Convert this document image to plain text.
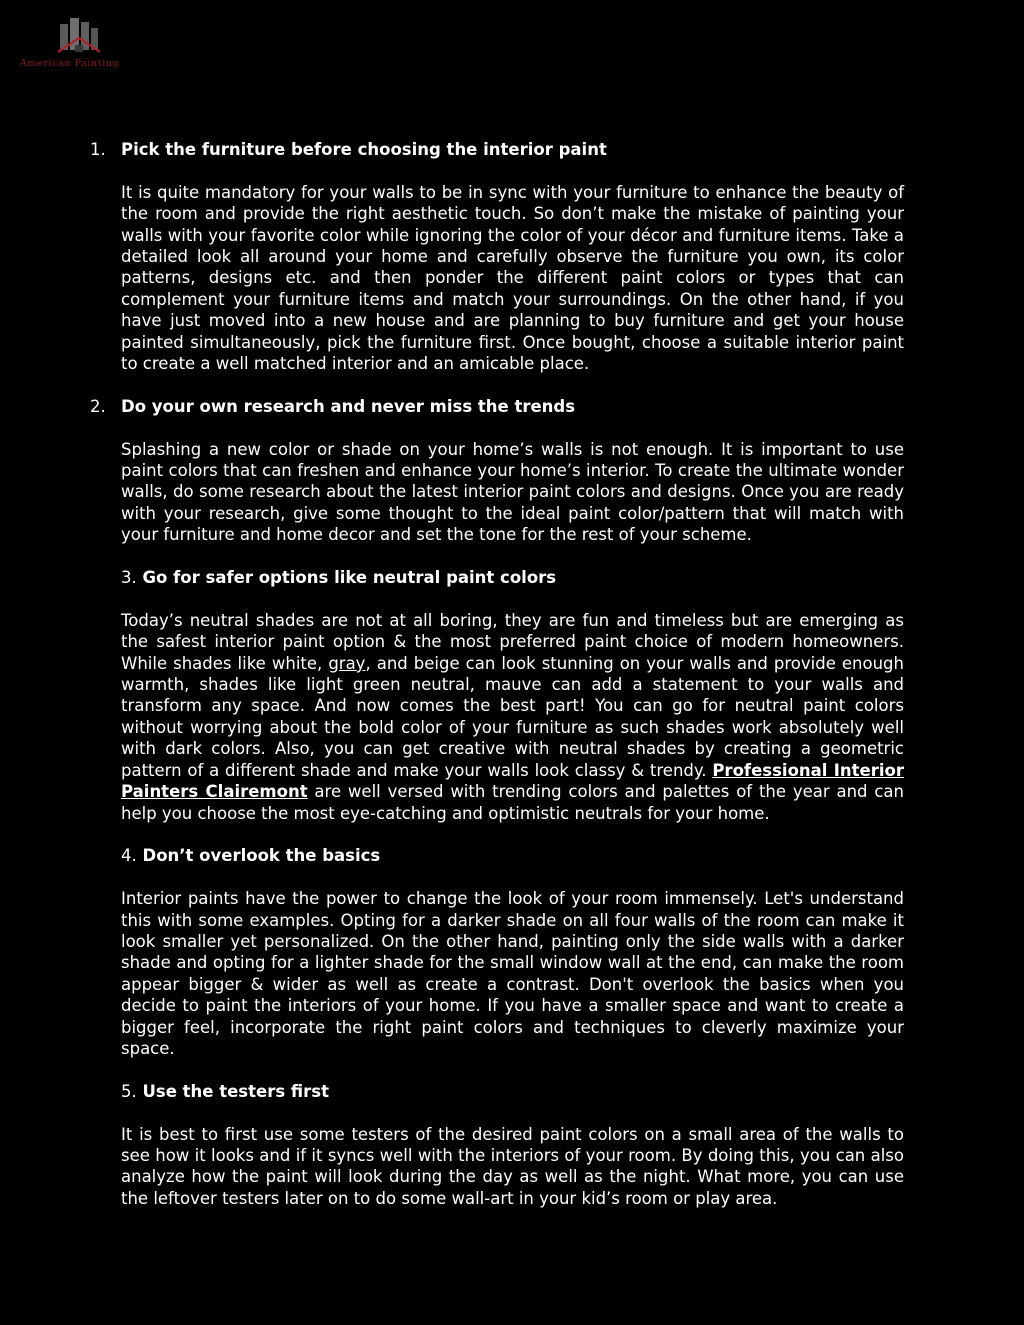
American Painting

1. Pick the furniture before choosing the interior paint

It is quite mandatory for your walls to be in sync with your furniture to enhance the beauty of the room and provide the right aesthetic touch. So don’t make the mistake of painting your walls with your favorite color while ignoring the color of your décor and furniture items. Take a detailed look all around your home and carefully observe the furniture you own, its color patterns, designs etc. and then ponder the different paint colors or types that can complement your furniture items and match your surroundings. On the other hand, if you have just moved into a new house and are planning to buy furniture and get your house painted simultaneously, pick the furniture first. Once bought, choose a suitable interior paint to create a well matched interior and an amicable place.

2. Do your own research and never miss the trends

Splashing a new color or shade on your home’s walls is not enough. It is important to use paint colors that can freshen and enhance your home’s interior. To create the ultimate wonder walls, do some research about the latest interior paint colors and designs. Once you are ready with your research, give some thought to the ideal paint color/pattern that will match with your furniture and home decor and set the tone for the rest of your scheme.

3. Go for safer options like neutral paint colors

Today’s neutral shades are not at all boring, they are fun and timeless but are emerging as the safest interior paint option & the most preferred paint choice of modern homeowners. While shades like white, gray, and beige can look stunning on your walls and provide enough warmth, shades like light green neutral, mauve can add a statement to your walls and transform any space. And now comes the best part! You can go for neutral paint colors without worrying about the bold color of your furniture as such shades work absolutely well with dark colors. Also, you can get creative with neutral shades by creating a geometric pattern of a different shade and make your walls look classy & trendy. Professional Interior Painters Clairemont are well versed with trending colors and palettes of the year and can help you choose the most eye-catching and optimistic neutrals for your home.

4. Don’t overlook the basics

Interior paints have the power to change the look of your room immensely. Let's understand this with some examples. Opting for a darker shade on all four walls of the room can make it look smaller yet personalized. On the other hand, painting only the side walls with a darker shade and opting for a lighter shade for the small window wall at the end, can make the room appear bigger & wider as well as create a contrast. Don't overlook the basics when you decide to paint the interiors of your home. If you have a smaller space and want to create a bigger feel, incorporate the right paint colors and techniques to cleverly maximize your space.

5. Use the testers first

It is best to first use some testers of the desired paint colors on a small area of the walls to see how it looks and if it syncs well with the interiors of your room. By doing this, you can also analyze how the paint will look during the day as well as the night. What more, you can use the leftover testers later on to do some wall-art in your kid’s room or play area.
